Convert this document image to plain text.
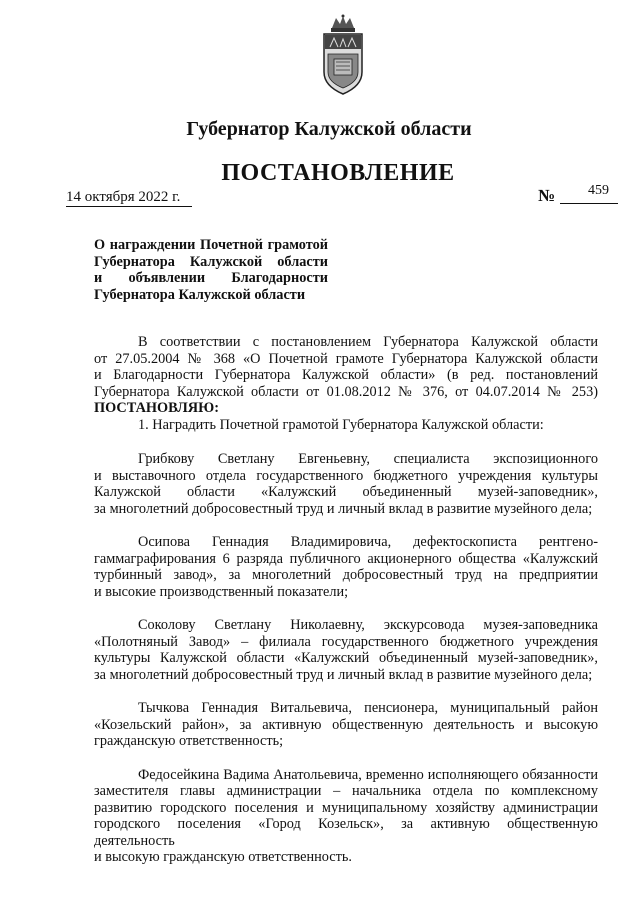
Губернатор Калужской области
ПОСТАНОВЛЕНИЕ
14 октября 2022 г.	№ 459
О награждении Почетной грамотой
Губернатора Калужской области
и объявлении Благодарности
Губернатора Калужской области

В соответствии с постановлением Губернатора Калужской области
от 27.05.2004 № 368 «О Почетной грамоте Губернатора Калужской области
и Благодарности Губернатора Калужской области» (в ред. постановлений
Губернатора Калужской области от 01.08.2012 № 376, от 04.07.2014 № 253)

ПОСТАНОВЛЯЮ:

1. Наградить Почетной грамотой Губернатора Калужской области:

Грибкову Светлану Евгеньевну, специалиста экспозиционного
и выставочного отдела государственного бюджетного учреждения культуры
Калужской области «Калужский объединенный музей-заповедник»,
за многолетний добросовестный труд и личный вклад в развитие музейного дела;

Осипова Геннадия Владимировича, дефектоскописта рентгено-
гаммаграфирования 6 разряда публичного акционерного общества «Калужский
турбинный завод», за многолетний добросовестный труд на предприятии
и высокие производственный показатели;

Соколову Светлану Николаевну, экскурсовода музея-заповедника
«Полотняный Завод» – филиала государственного бюджетного учреждения
культуры Калужской области «Калужский объединенный музей-заповедник»,
за многолетний добросовестный труд и личный вклад в развитие музейного дела;

Тычкова Геннадия Витальевича, пенсионера, муниципальный район
«Козельский район», за активную общественную деятельность и высокую
гражданскую ответственность;

Федосейкина Вадима Анатольевича, временно исполняющего обязанности
заместителя главы администрации – начальника отдела по комплексному
развитию городского поселения и муниципальному хозяйству администрации
городского поселения «Город Козельск», за активную общественную деятельность
и высокую гражданскую ответственность.
